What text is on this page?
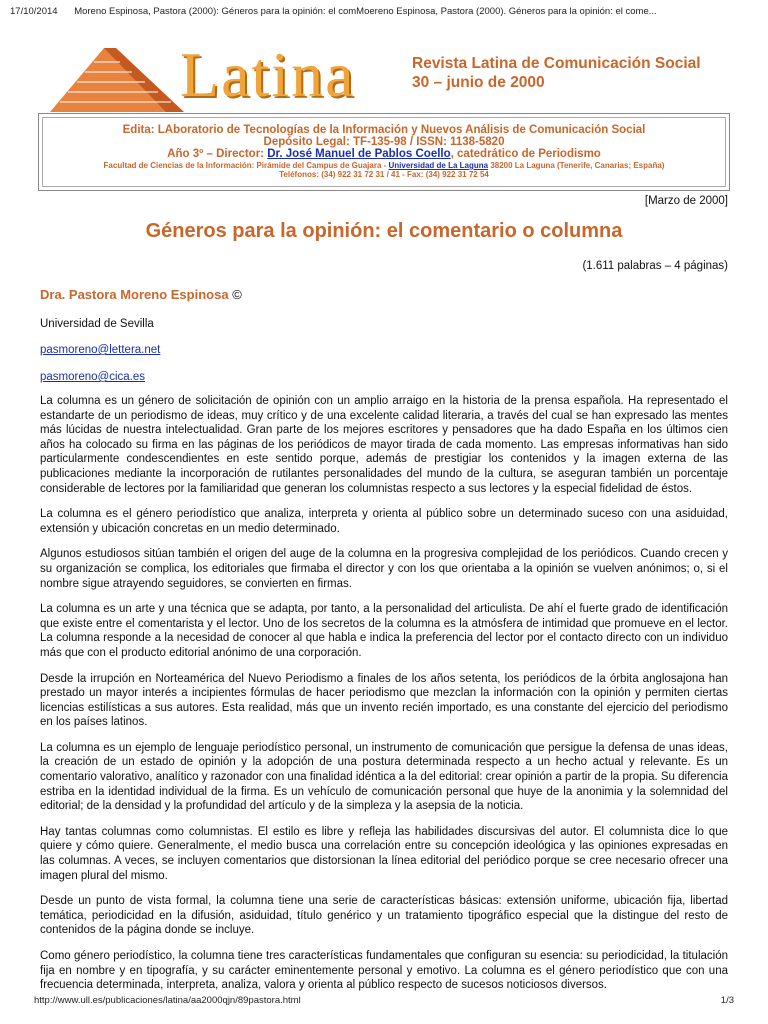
17/10/2014 Moreno Espinosa, Pastora (2000): Géneros para la opinión: el comMoereno Espinosa, Pastora (2000). Géneros para la opinión: el come...
Latina	Revista Latina de Comunicación Social
30 – junio de 2000
Edita: LAboratorio de Tecnologías de la Información y Nuevos Análisis de Comunicación Social
Depósito Legal: TF-135-98 / ISSN: 1138-5820
Año 3º – Director: Dr. José Manuel de Pablos Coello, catedrático de Periodismo
Facultad de Ciencias de la Información: Pirámide del Campus de Guajara - Universidad de La Laguna 38200 La Laguna (Tenerife, Canarias; España)
Teléfonos: (34) 922 31 72 31 / 41 - Fax: (34) 922 31 72 54
[Marzo de 2000]
Géneros para la opinión: el comentario o columna
(1.611 palabras – 4 páginas)
Dra. Pastora Moreno Espinosa ©
Universidad de Sevilla
pasmoreno@lettera.net
pasmoreno@cica.es

La columna es un género de solicitación de opinión con un amplio arraigo en la historia de la prensa española. Ha representado el estandarte de un periodismo de ideas, muy crítico y de una excelente calidad literaria, a través del cual se han expresado las mentes más lúcidas de nuestra intelectualidad. Gran parte de los mejores escritores y pensadores que ha dado España en los últimos cien años ha colocado su firma en las páginas de los periódicos de mayor tirada de cada momento. Las empresas informativas han sido particularmente condescendientes en este sentido porque, además de prestigiar los contenidos y la imagen externa de las publicaciones mediante la incorporación de rutilantes personalidades del mundo de la cultura, se aseguran también un porcentaje considerable de lectores por la familiaridad que generan los columnistas respecto a sus lectores y la especial fidelidad de éstos.

La columna es el género periodístico que analiza, interpreta y orienta al público sobre un determinado suceso con una asiduidad, extensión y ubicación concretas en un medio determinado.

Algunos estudiosos sitúan también el origen del auge de la columna en la progresiva complejidad de los periódicos. Cuando crecen y su organización se complica, los editoriales que firmaba el director y con los que orientaba a la opinión se vuelven anónimos; o, si el nombre sigue atrayendo seguidores, se convierten en firmas.

La columna es un arte y una técnica que se adapta, por tanto, a la personalidad del articulista. De ahí el fuerte grado de identificación que existe entre el comentarista y el lector. Uno de los secretos de la columna es la atmósfera de intimidad que promueve en el lector. La columna responde a la necesidad de conocer al que habla e indica la preferencia del lector por el contacto directo con un individuo más que con el producto editorial anónimo de una corporación.

Desde la irrupción en Norteamérica del Nuevo Periodismo a finales de los años setenta, los periódicos de la órbita anglosajona han prestado un mayor interés a incipientes fórmulas de hacer periodismo que mezclan la información con la opinión y permiten ciertas licencias estilísticas a sus autores. Esta realidad, más que un invento recién importado, es una constante del ejercicio del periodismo en los países latinos.

La columna es un ejemplo de lenguaje periodístico personal, un instrumento de comunicación que persigue la defensa de unas ideas, la creación de un estado de opinión y la adopción de una postura determinada respecto a un hecho actual y relevante. Es un comentario valorativo, analítico y razonador con una finalidad idéntica a la del editorial: crear opinión a partir de la propia. Su diferencia estriba en la identidad individual de la firma. Es un vehículo de comunicación personal que huye de la anonimia y la solemnidad del editorial; de la densidad y la profundidad del artículo y de la simpleza y la asepsia de la noticia.

Hay tantas columnas como columnistas. El estilo es libre y refleja las habilidades discursivas del autor. El columnista dice lo que quiere y cómo quiere. Generalmente, el medio busca una correlación entre su concepción ideológica y las opiniones expresadas en las columnas. A veces, se incluyen comentarios que distorsionan la línea editorial del periódico porque se cree necesario ofrecer una imagen plural del mismo.

Desde un punto de vista formal, la columna tiene una serie de características básicas: extensión uniforme, ubicación fija, libertad temática, periodicidad en la difusión, asiduidad, título genérico y un tratamiento tipográfico especial que la distingue del resto de contenidos de la página donde se incluye.

Como género periodístico, la columna tiene tres características fundamentales que configuran su esencia: su periodicidad, la titulación fija en nombre y en tipografía, y su carácter eminentemente personal y emotivo. La columna es el género periodístico que con una frecuencia determinada, interpreta, analiza, valora y orienta al público respecto de sucesos noticiosos diversos.

http://www.ull.es/publicaciones/latina/aa2000qjn/89pastora.html	1/3
